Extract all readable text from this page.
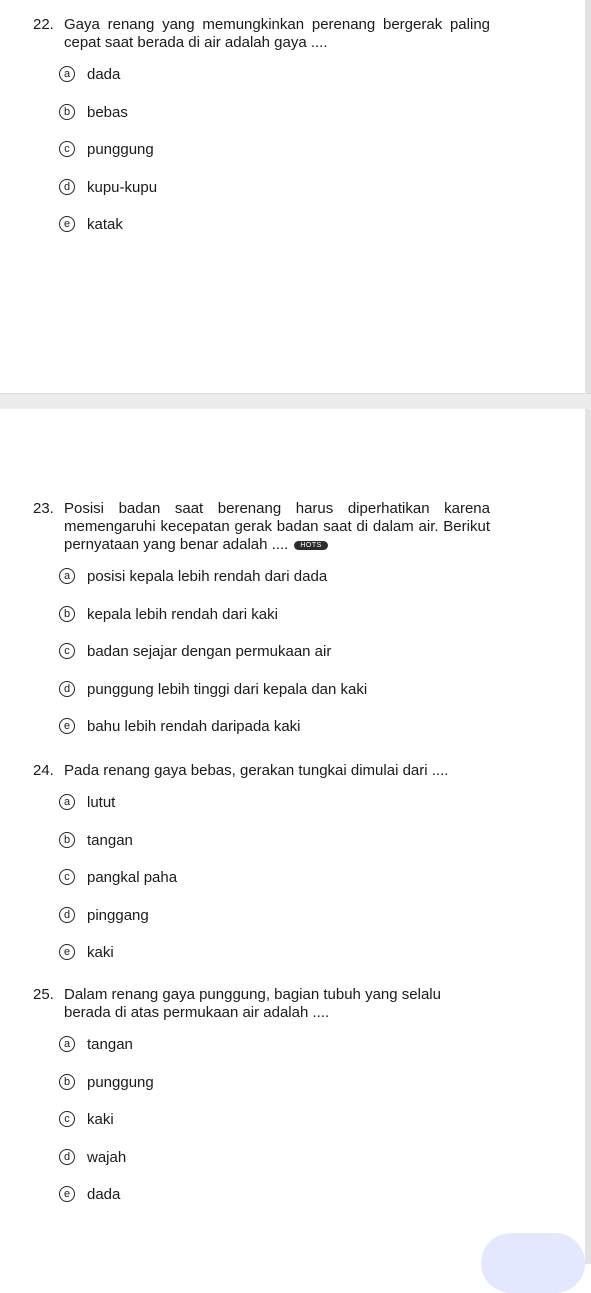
22. Gaya renang yang memungkinkan perenang bergerak paling cepat saat berada di air adalah gaya ....
a	dada
b	bebas
c	punggung
d	kupu-kupu
e	katak
23. Posisi badan saat berenang harus diperhatikan karena memengaruhi kecepatan gerak badan saat di dalam air. Berikut pernyataan yang benar adalah .... HOTS
a	posisi kepala lebih rendah dari dada
b	kepala lebih rendah dari kaki
c	badan sejajar dengan permukaan air
d	punggung lebih tinggi dari kepala dan kaki
e	bahu lebih rendah daripada kaki
24. Pada renang gaya bebas, gerakan tungkai dimulai dari ....
a	lutut
b	tangan
c	pangkal paha
d	pinggang
e	kaki
25. Dalam renang gaya punggung, bagian tubuh yang selalu berada di atas permukaan air adalah ....
a	tangan
b	punggung
c	kaki
d	wajah
e	dada
